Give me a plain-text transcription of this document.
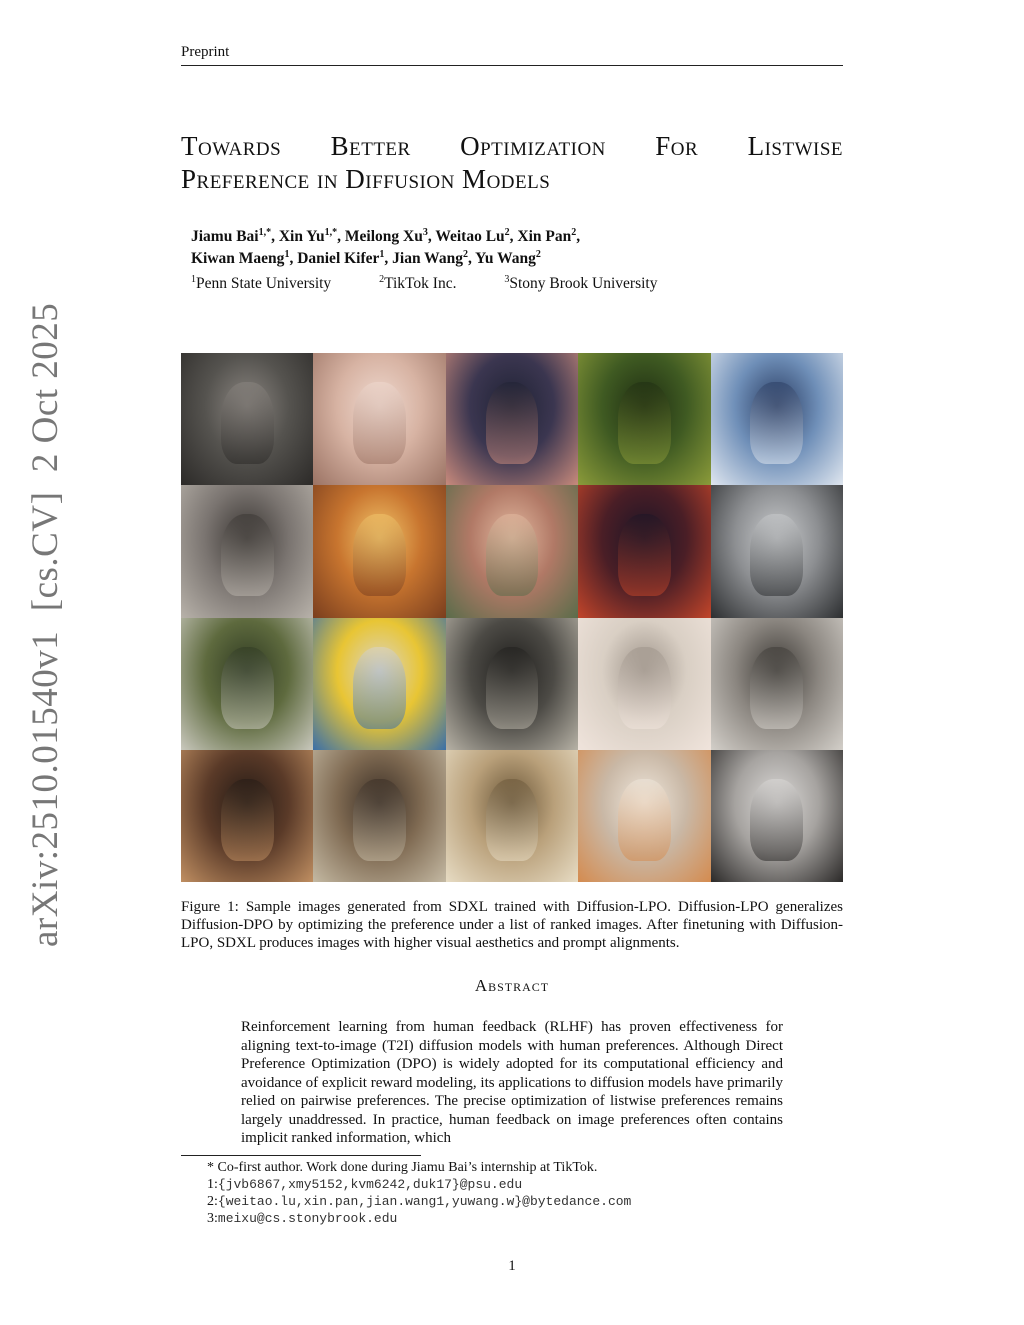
Preprint
Towards Better Optimization For Listwise
Preference in Diffusion Models
Jiamu Bai$^{1,*}$, Xin $Yu^{1,*}$, Meilong Xu$^3$, Weitao Lu$^2$, Xin Pan$^2$,
Kiwan Maeng$^1$, Daniel Kifer$^1$, Jian Wang$^2$, Yu Wang$^2$
$^1$Penn State University	$^2$TikTok Inc.	$^3$Stony Brook University
arXiv:2510.01540v1  [cs.CV]  2 Oct 2025	Figure 1: Sample images generated from SDXL trained with Diffusion-LPO. Diffusion-LPO generalizes Diffusion-DPO by optimizing the preference under a list of ranked images. After finetuning with Diffusion-LPO, SDXL produces images with higher visual aesthetics and prompt alignments.
Abstract
Reinforcement learning from human feedback (RLHF) has proven effectiveness for aligning text-to-image (T2I) diffusion models with human preferences. Although Direct Preference Optimization (DPO) is widely adopted for its computational efficiency and avoidance of explicit reward modeling, its applications to diffusion models have primarily relied on pairwise preferences. The precise optimization of listwise preferences remains largely unaddressed. In practice, human feedback on image preferences often contains implicit ranked information, which
* Co-first author. Work done during Jiamu Bai’s internship at TikTok.
1:{jvb6867,xmy5152,kvm6242,duk17}@psu.edu
2:{weitao.lu,xin.pan,jian.wang1,yuwang.w}@bytedance.com
3:meixu@cs.stonybrook.edu
1
